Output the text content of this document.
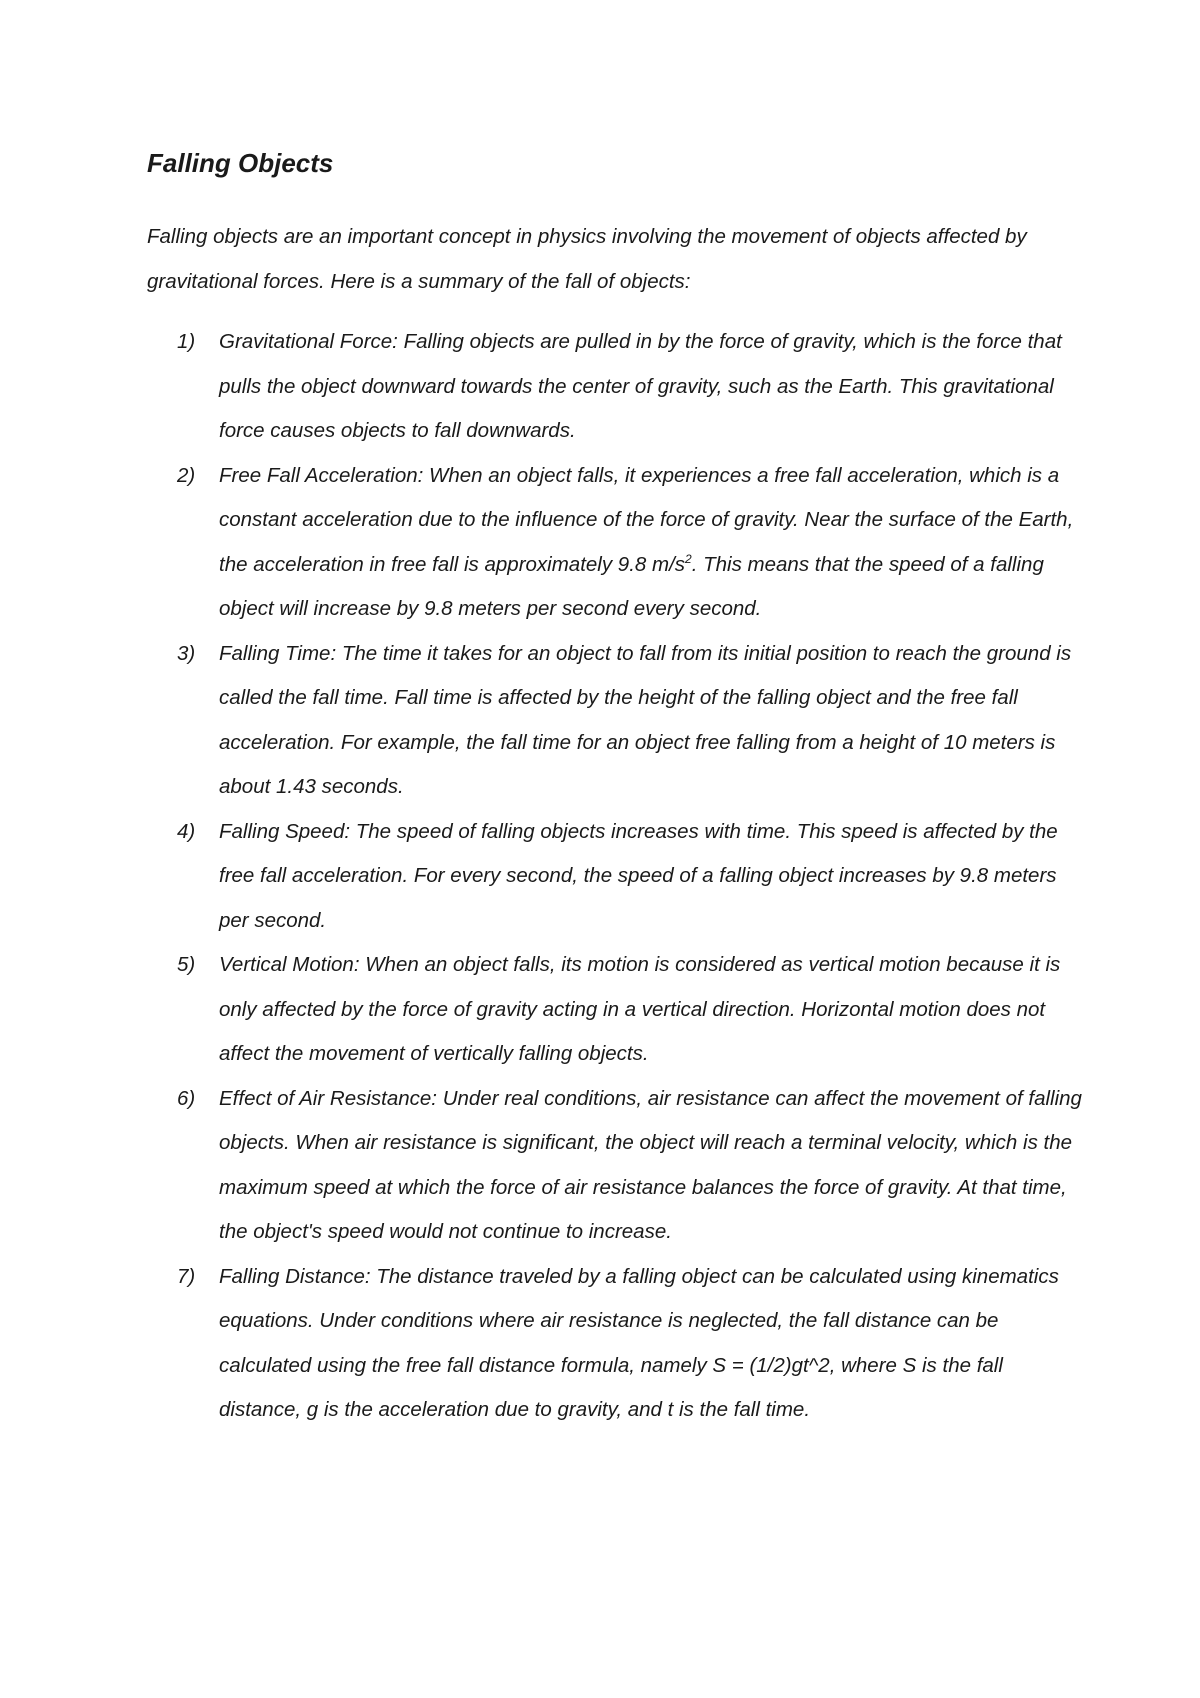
Falling Objects

Falling objects are an important concept in physics involving the movement of objects affected by gravitational forces. Here is a summary of the fall of objects:

1) Gravitational Force: Falling objects are pulled in by the force of gravity, which is the force that pulls the object downward towards the center of gravity, such as the Earth. This gravitational force causes objects to fall downwards.
2) Free Fall Acceleration: When an object falls, it experiences a free fall acceleration, which is a constant acceleration due to the influence of the force of gravity. Near the surface of the Earth, the acceleration in free fall is approximately 9.8 $m/s^2$. This means that the speed of a falling object will increase by 9.8 meters per second every second.
3) Falling Time: The time it takes for an object to fall from its initial position to reach the ground is called the fall time. Fall time is affected by the height of the falling object and the free fall acceleration. For example, the fall time for an object free falling from a height of 10 meters is about 1.43 seconds.
4) Falling Speed: The speed of falling objects increases with time. This speed is affected by the free fall acceleration. For every second, the speed of a falling object increases by 9.8 meters per second.
5) Vertical Motion: When an object falls, its motion is considered as vertical motion because it is only affected by the force of gravity acting in a vertical direction. Horizontal motion does not affect the movement of vertically falling objects.
6) Effect of Air Resistance: Under real conditions, air resistance can affect the movement of falling objects. When air resistance is significant, the object will reach a terminal velocity, which is the maximum speed at which the force of air resistance balances the force of gravity. At that time, the object's speed would not continue to increase.
7) Falling Distance: The distance traveled by a falling object can be calculated using kinematics equations. Under conditions where air resistance is neglected, the fall distance can be calculated using the free fall distance formula, namely S = (1/2)gt^2, where S is the fall distance, g is the acceleration due to gravity, and t is the fall time.
